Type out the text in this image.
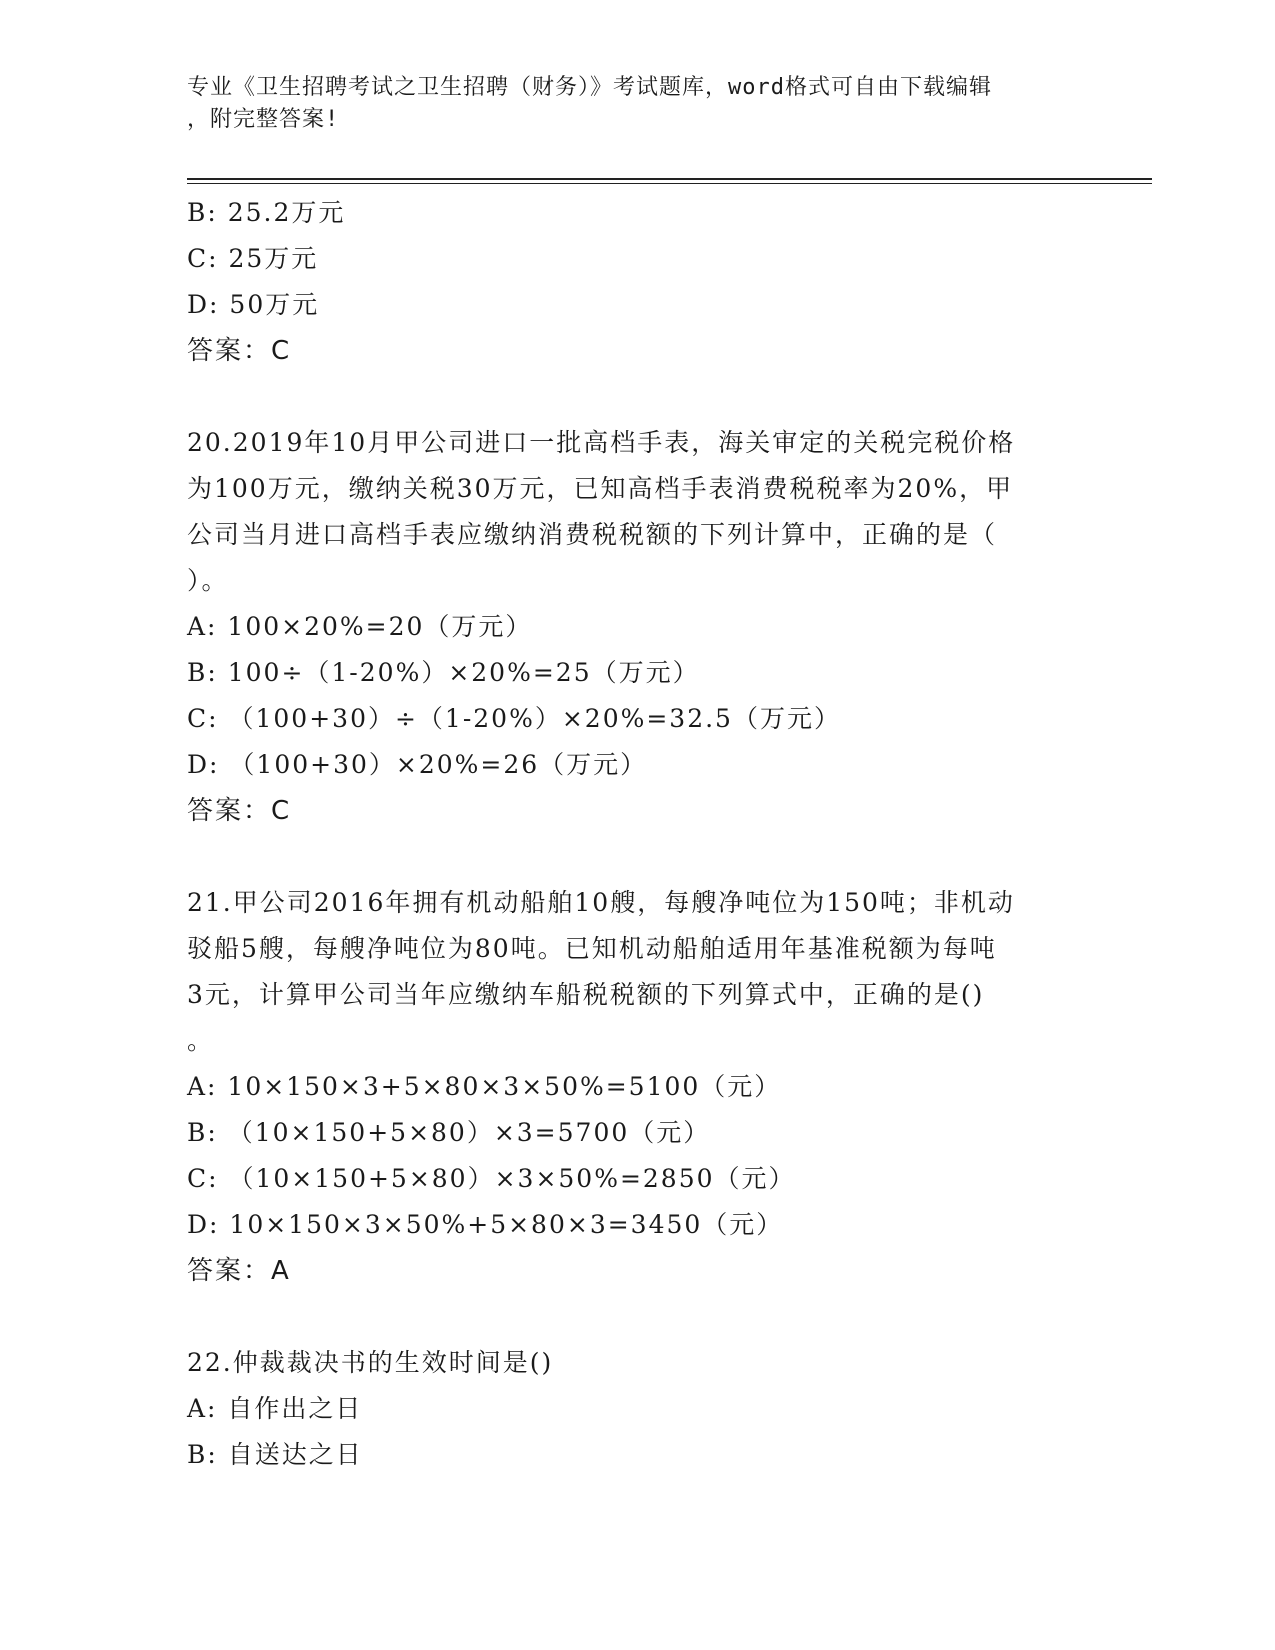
专业《卫生招聘考试之卫生招聘（财务）》考试题库，word格式可自由下载编辑
，附完整答案!

B: 25.2万元

C: 25万元

D: 50万元

答案：C

20.2019年10月甲公司进口一批高档手表，海关审定的关税完税价格

为100万元，缴纳关税30万元，已知高档手表消费税税率为20%，甲

公司当月进口高档手表应缴纳消费税税额的下列计算中，正确的是（

）。

A: 100×20%=20（万元）

B: 100÷（1-20%）×20%=25（万元）

C: （100+30）÷（1-20%）×20%=32.5（万元）

D: （100+30）×20%=26（万元）

答案：C

21.甲公司2016年拥有机动船舶10艘，每艘净吨位为150吨；非机动

驳船5艘，每艘净吨位为80吨。已知机动船舶适用年基准税额为每吨

3元，计算甲公司当年应缴纳车船税税额的下列算式中，正确的是()

。

A: 10×150×3+5×80×3×50%=5100（元）

B: （10×150+5×80）×3=5700（元）

C: （10×150+5×80）×3×50%=2850（元）

D: 10×150×3×50%+5×80×3=3450（元）

答案：A

22.仲裁裁决书的生效时间是()

A: 自作出之日

B: 自送达之日
